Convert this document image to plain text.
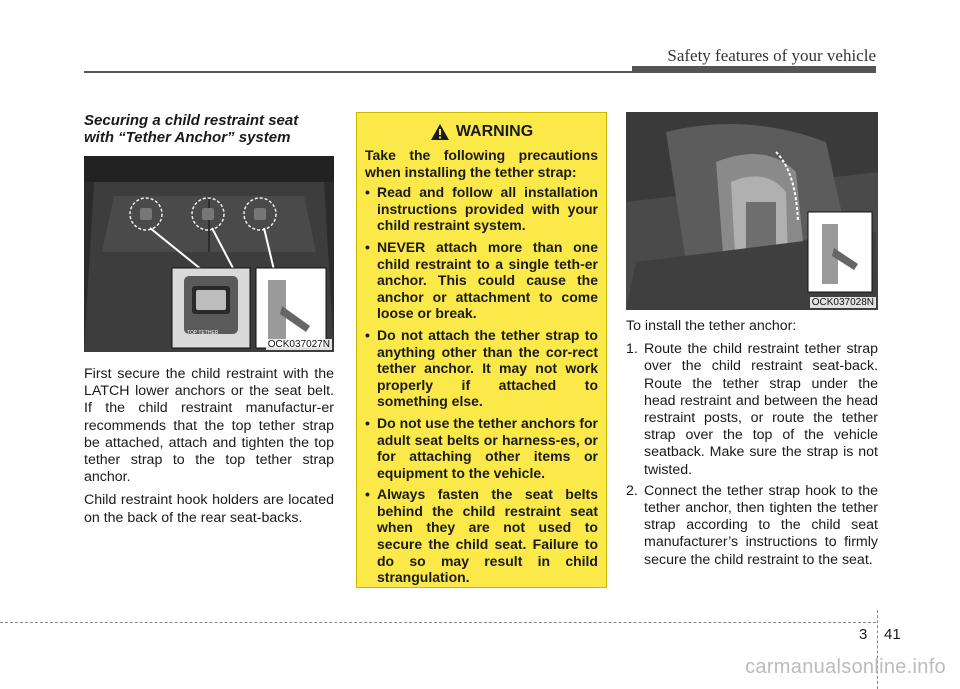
Safety features of your vehicle
Securing a child restraint seat
with “Tether Anchor” system
TOP TETHER
OCK037027N

First secure the child restraint with the LATCH lower anchors or the seat belt. If the child restraint manufactur-er recommends that the top tether strap be attached, attach and tighten the top tether strap to the top tether strap anchor.

Child restraint hook holders are located on the back of the rear seat-backs.

WARNING

Take the following precautions when installing the tether strap:

• Read and follow all installation instructions provided with your child restraint system.
• NEVER attach more than one child restraint to a single teth-er anchor. This could cause the anchor or attachment to come loose or break.
• Do not attach the tether strap to anything other than the cor-rect tether anchor. It may not work properly if attached to something else.
• Do not use the tether anchors for adult seat belts or harness-es, or for attaching other items or equipment to the vehicle.
• Always fasten the seat belts behind the child restraint seat when they are not used to secure the child seat. Failure to do so may result in child strangulation.
OCK037028N

To install the tether anchor:

1. Route the child restraint tether strap over the child restraint seat-back. Route the tether strap under the head restraint and between the head restraint posts, or route the tether strap over the top of the vehicle seatback. Make sure the strap is not twisted.
2. Connect the tether strap hook to the tether anchor, then tighten the tether strap according to the child seat manufacturer’s instructions to firmly secure the child restraint to the seat.
3 41
carmanualsonline.info
